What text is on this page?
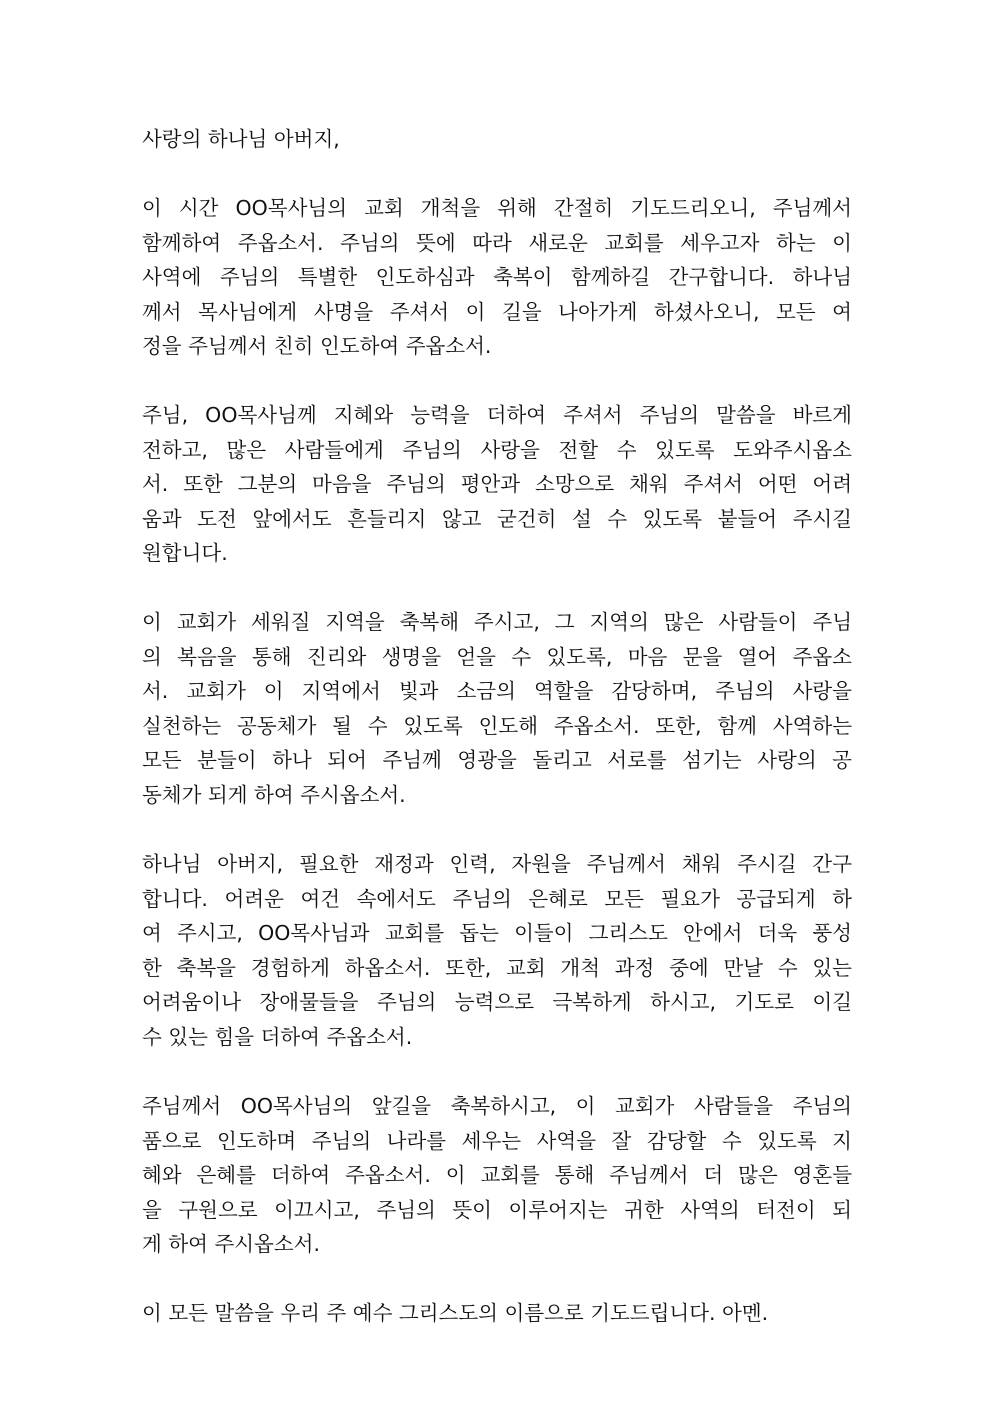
사랑의 하나님 아버지,
이 시간 OO목사님의 교회 개척을 위해 간절히 기도드리오니, 주님께서
함께하여 주옵소서. 주님의 뜻에 따라 새로운 교회를 세우고자 하는 이
사역에 주님의 특별한 인도하심과 축복이 함께하길 간구합니다. 하나님
께서 목사님에게 사명을 주셔서 이 길을 나아가게 하셨사오니, 모든 여
정을 주님께서 친히 인도하여 주옵소서.
주님, OO목사님께 지혜와 능력을 더하여 주셔서 주님의 말씀을 바르게
전하고, 많은 사람들에게 주님의 사랑을 전할 수 있도록 도와주시옵소
서. 또한 그분의 마음을 주님의 평안과 소망으로 채워 주셔서 어떤 어려
움과 도전 앞에서도 흔들리지 않고 굳건히 설 수 있도록 붙들어 주시길
원합니다.
이 교회가 세워질 지역을 축복해 주시고, 그 지역의 많은 사람들이 주님
의 복음을 통해 진리와 생명을 얻을 수 있도록, 마음 문을 열어 주옵소
서. 교회가 이 지역에서 빛과 소금의 역할을 감당하며, 주님의 사랑을
실천하는 공동체가 될 수 있도록 인도해 주옵소서. 또한, 함께 사역하는
모든 분들이 하나 되어 주님께 영광을 돌리고 서로를 섬기는 사랑의 공
동체가 되게 하여 주시옵소서.
하나님 아버지, 필요한 재정과 인력, 자원을 주님께서 채워 주시길 간구
합니다. 어려운 여건 속에서도 주님의 은혜로 모든 필요가 공급되게 하
여 주시고, OO목사님과 교회를 돕는 이들이 그리스도 안에서 더욱 풍성
한 축복을 경험하게 하옵소서. 또한, 교회 개척 과정 중에 만날 수 있는
어려움이나 장애물들을 주님의 능력으로 극복하게 하시고, 기도로 이길
수 있는 힘을 더하여 주옵소서.
주님께서 OO목사님의 앞길을 축복하시고, 이 교회가 사람들을 주님의
품으로 인도하며 주님의 나라를 세우는 사역을 잘 감당할 수 있도록 지
혜와 은혜를 더하여 주옵소서. 이 교회를 통해 주님께서 더 많은 영혼들
을 구원으로 이끄시고, 주님의 뜻이 이루어지는 귀한 사역의 터전이 되
게 하여 주시옵소서.
이 모든 말씀을 우리 주 예수 그리스도의 이름으로 기도드립니다. 아멘.
